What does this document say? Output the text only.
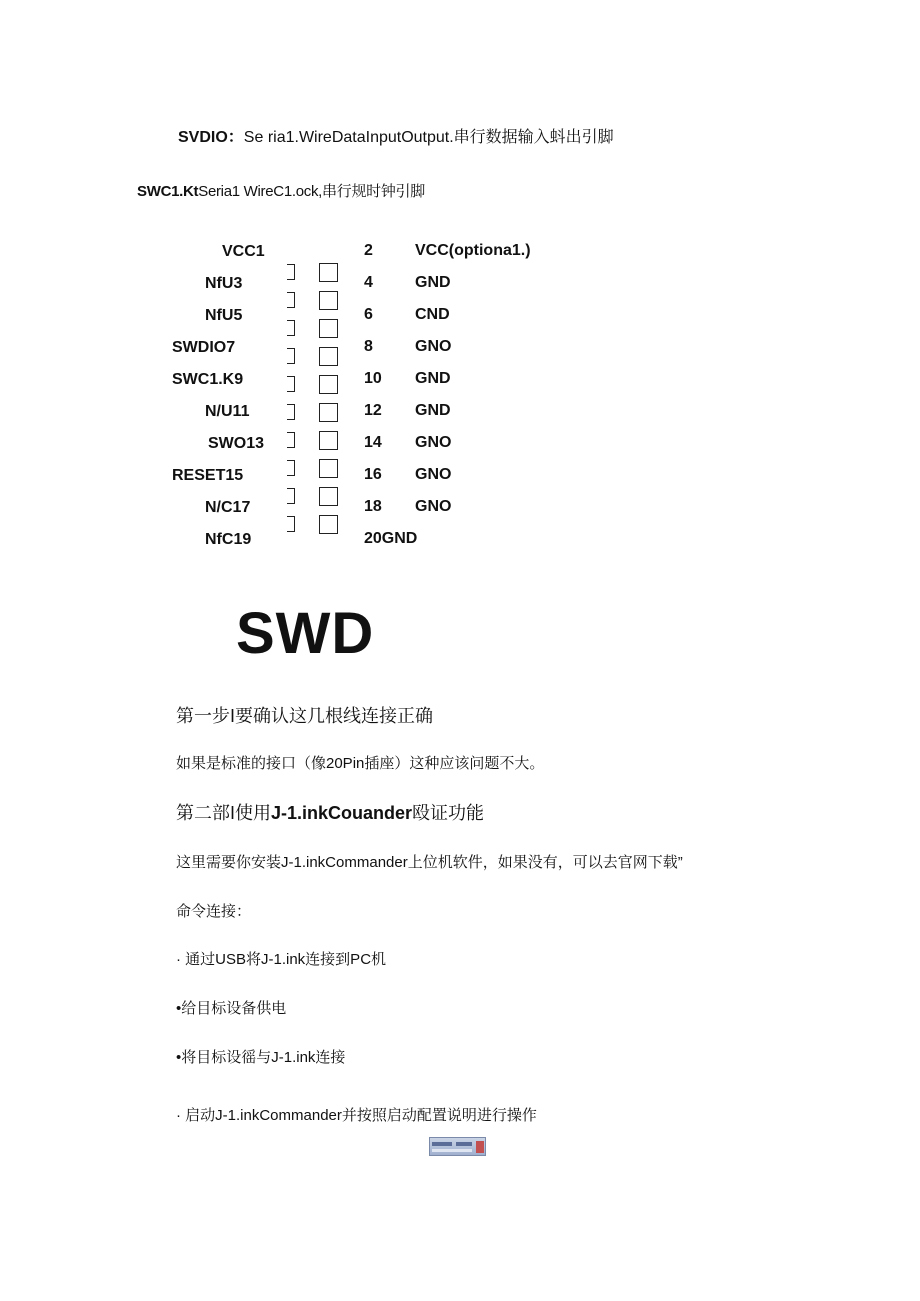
SVDIO：Se ria1.WireDataInputOutput.串行数据输入蚪出引脚
SWC1.KtSeria1 WireC1.ock,串行规时钟引脚
VCC1
NfU3
NfU5
SWDIO7
SWC1.K9
N/U11
SWO13
RESET15
N/C17
NfC19
2
4
6
8
10
12
14
16
18
VCC(optiona1.)
GND
CND
GNO
GND
GND
GNO
GNO
GNO
20GND
SWD
第一步I要确认这几根线连接正确
如果是标准的接口（像20Pin插座）这种应该问题不大。
第二部I使用J-1.inkCouander殴证功能
这里需要你安装J-1.inkCommander上位机软件，如果没有，可以去官网下载”
命令连接：
· 通过USB将J-1.ink连接到PC机
•给目标设备供电
•将目标设徭与J-1.ink连接
· 启动J-1.inkCommander并按照启动配置说明进行操作
